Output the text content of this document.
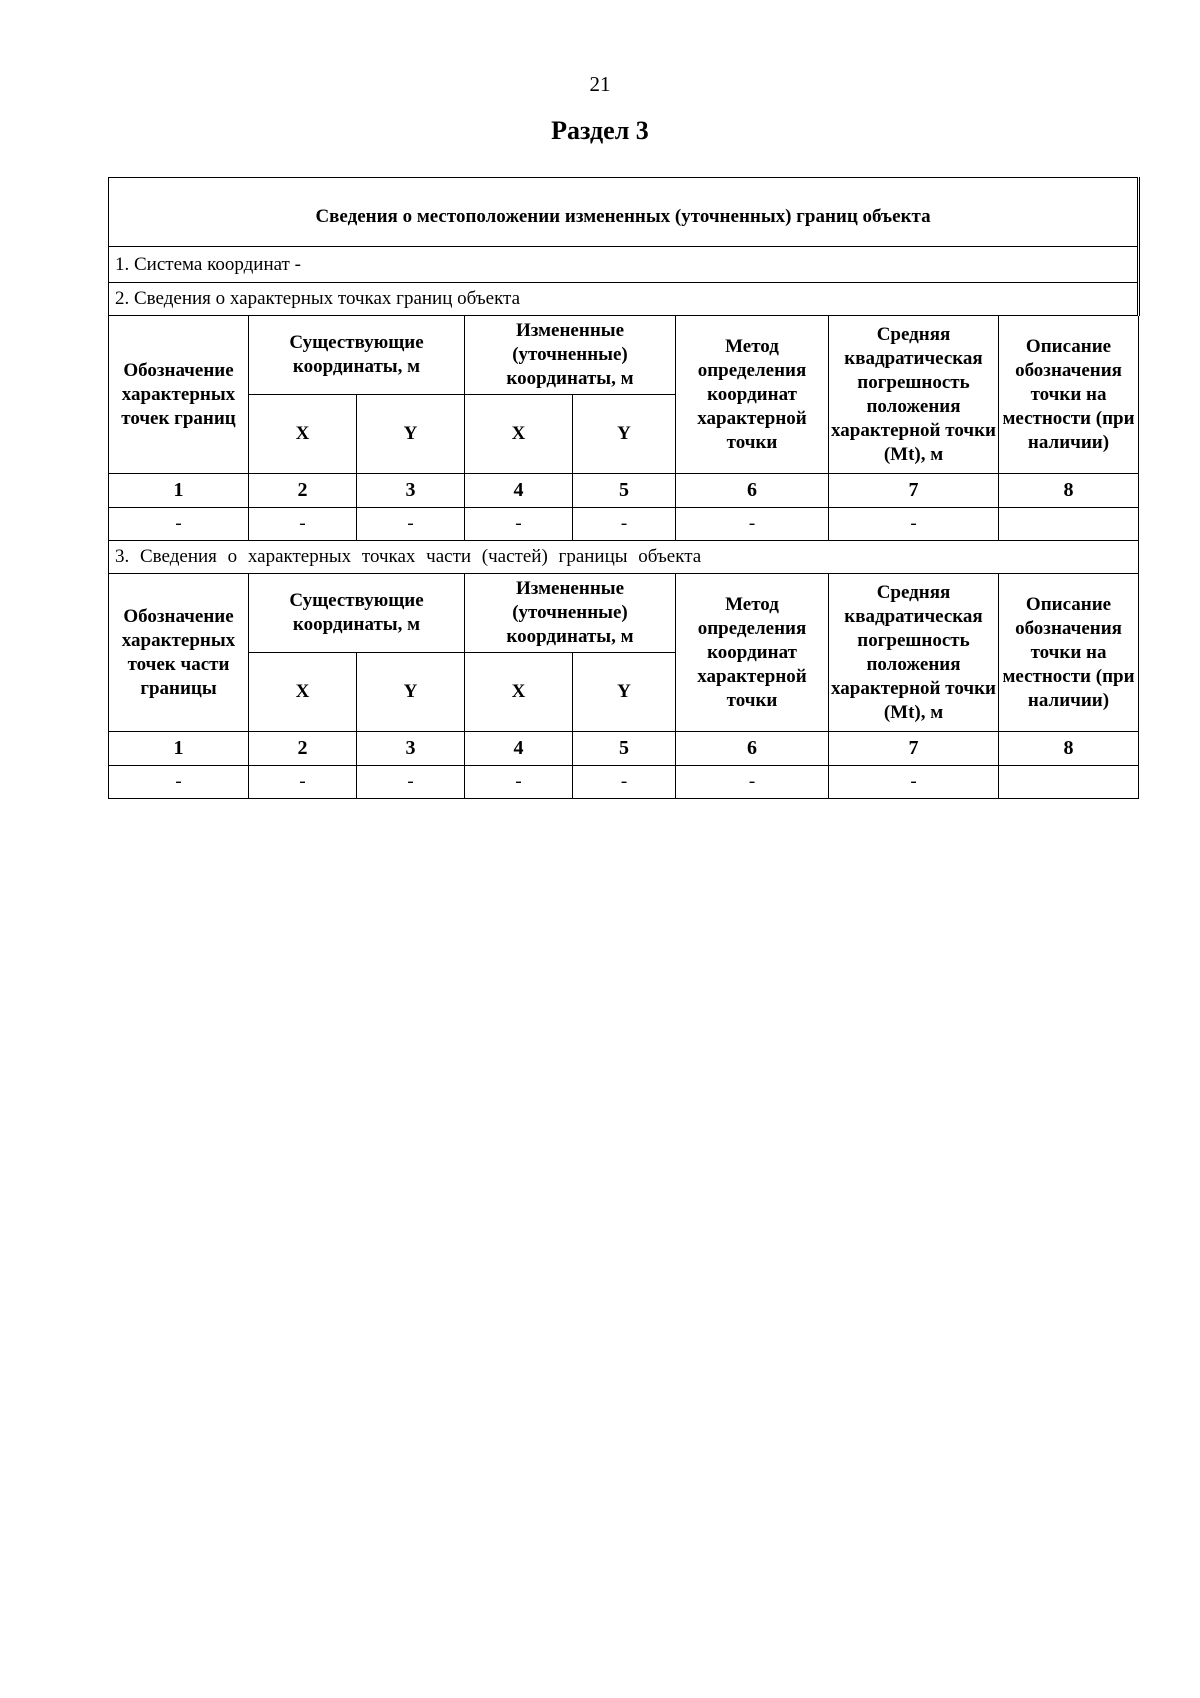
21
Раздел 3
Сведения о местоположении измененных (уточненных) границ объекта							
1. Система координат -							
2. Сведения о характерных точках границ объекта							
Обозначение характерных точек границ	Существующие координаты, м		Измененные (уточненные) координаты, м		Метод определения координат характерной точки	Средняя квадратическая погрешность положения характерной точки (Mt), м	Описание обозначения точки на местности (при наличии)
	X	Y	X	Y			
1	2	3	4	5	6	7	8
-	-	-	-	-	-	-	
3. Сведения о характерных точках части (частей) границы объекта							
Обозначение характерных точек части границы	Существующие координаты, м		Измененные (уточненные) координаты, м		Метод определения координат характерной точки	Средняя квадратическая погрешность положения характерной точки (Mt), м	Описание обозначения точки на местности (при наличии)
	X	Y	X	Y			
1	2	3	4	5	6	7	8
-	-	-	-	-	-	-	
